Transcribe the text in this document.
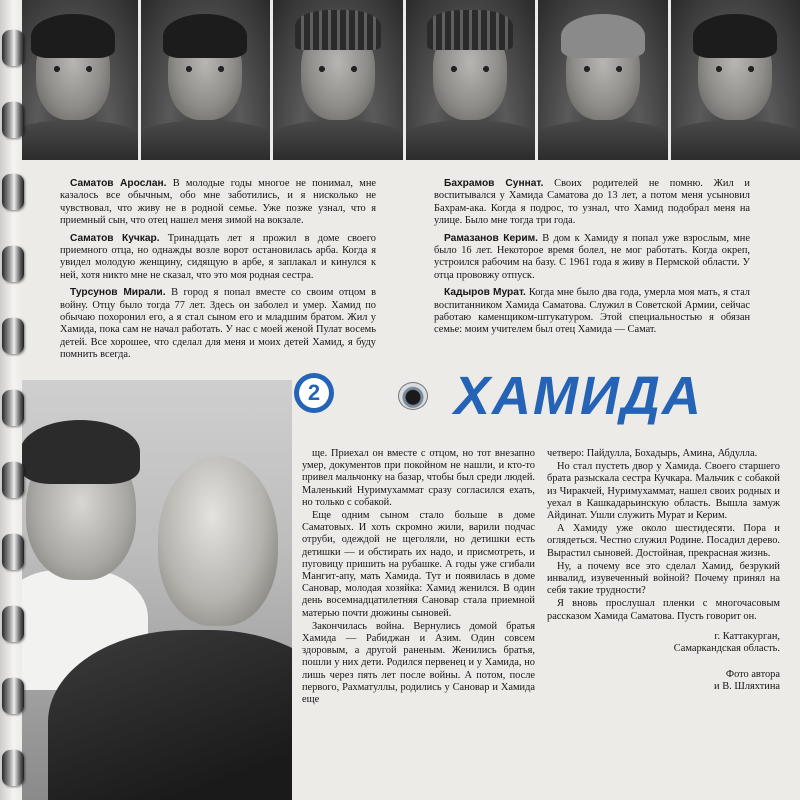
Саматов Арослан. В молодые годы многое не понимал, мне казалось все обычным, обо мне заботились, и я нисколько не чувствовал, что живу не в родной семье. Уже позже узнал, что я приемный сын, что отец нашел меня зимой на вокзале.

Саматов Кучкар. Тринадцать лет я прожил в доме своего приемного отца, но однажды возле ворот остановилась арба. Когда я увидел молодую женщину, сидящую в арбе, я заплакал и кинулся к ней, хотя никто мне не сказал, что это моя родная сестра.

Турсунов Мирали. В город я попал вместе со своим отцом в войну. Отцу было тогда 77 лет. Здесь он заболел и умер. Хамид по обычаю похоронил его, а я стал сыном его и младшим братом. Жил у Хамида, пока сам не начал работать. У нас с моей женой Пулат восемь детей. Все хорошее, что сделал для меня и моих детей Хамид, я буду помнить всегда.

Бахрамов Суннат. Своих родителей не помню. Жил и воспитывался у Хамида Саматова до 13 лет, а потом меня усыновил Бахрам-ака. Когда я подрос, то узнал, что Хамид подобрал меня на улице. Было мне тогда три года.

Рамазанов Керим. В дом к Хамиду я попал уже взрослым, мне было 16 лет. Некоторое время болел, не мог работать. Когда окреп, устроился рабочим на базу. С 1961 года я живу в Пермской области. У отца прововжу отпуск.

Кадыров Мурат. Когда мне было два года, умерла моя мать, я стал воспитанником Хамида Саматова. Служил в Советской Армии, сейчас работаю каменщиком-штукатуром. Этой специальностью я обязан семье: моим учителем был отец Хамида — Самат.

2 ХАМИДА

ще. Приехал он вместе с отцом, но тот внезапно умер, документов при покойном не нашли, и кто-то привел мальчонку на базар, чтобы был среди людей. Маленький Нуримухаммат сразу согласился ехать, но только с собакой.

Еще одним сыном стало больше в доме Саматовых. И хоть скромно жили, варили подчас отруби, одеждой не щеголяли, но детишки есть детишки — и обстирать их надо, и присмотреть, и пуговицу пришить на рубашке. А годы уже сгибали Мангит-апу, мать Хамида. Тут и появилась в доме Сановар, молодая хозяйка: Хамид женился. В один день восемнадцатилетняя Сановар стала приемной матерью почти дюжины сыновей.

Закончилась война. Вернулись домой братья Хамида — Рабиджан и Азим. Один совсем здоровым, а другой раненым. Женились братья, пошли у них дети. Родился первенец и у Хамида, но лишь через пять лет после войны. А потом, после первого, Рахматуллы, родились у Сановар и Хамида еще

четверо: Пайдулла, Бохадырь, Амина, Абдулла.

Но стал пустеть двор у Хамида. Своего старшего брата разыскала сестра Кучкара. Мальчик с собакой из Чиракчей, Нуримухаммат, нашел своих родных и уехал в Кашкадарьинскую область. Вышла замуж Айдинат. Ушли служить Мурат и Керим.

А Хамиду уже около шестидесяти. Пора и оглядеться. Честно служил Родине. Посадил дерево. Вырастил сыновей. Достойная, прекрасная жизнь.

Ну, а почему все это сделал Хамид, безрукий инвалид, изувеченный войной? Почему принял на себя такие трудности?

Я вновь прослушал пленки с многочасовым рассказом Хамида Саматова. Пусть говорит он.

г. Каттакурган,
Самаркандская область.
Фото автора
и В. Шляхтина
